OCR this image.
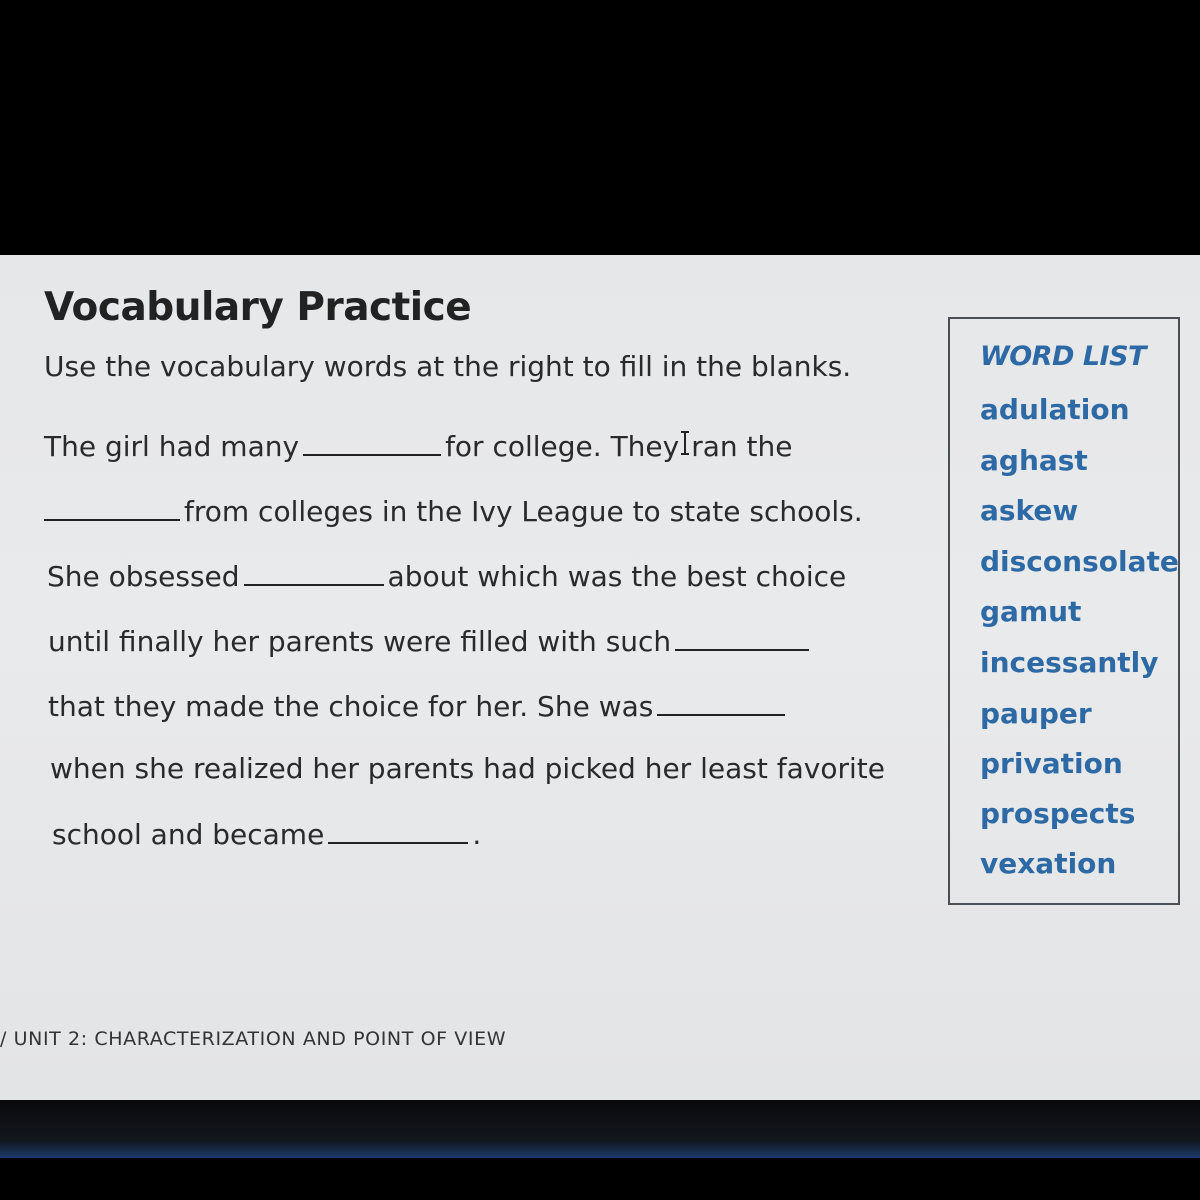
Vocabulary Practice
Use the vocabulary words at the right to fill in the blanks.
The girl had many	for college. They ran the
from colleges in the Ivy League to state schools.
She obsessed	about which was the best choice
until finally her parents were filled with such
that they made the choice for her. She was
when she realized her parents had picked her least favorite
school and became	.
WORD LIST
adulation
aghast
askew
disconsolate
gamut
incessantly
pauper
privation
prospects
vexation
/ UNIT 2: CHARACTERIZATION AND POINT OF VIEW
